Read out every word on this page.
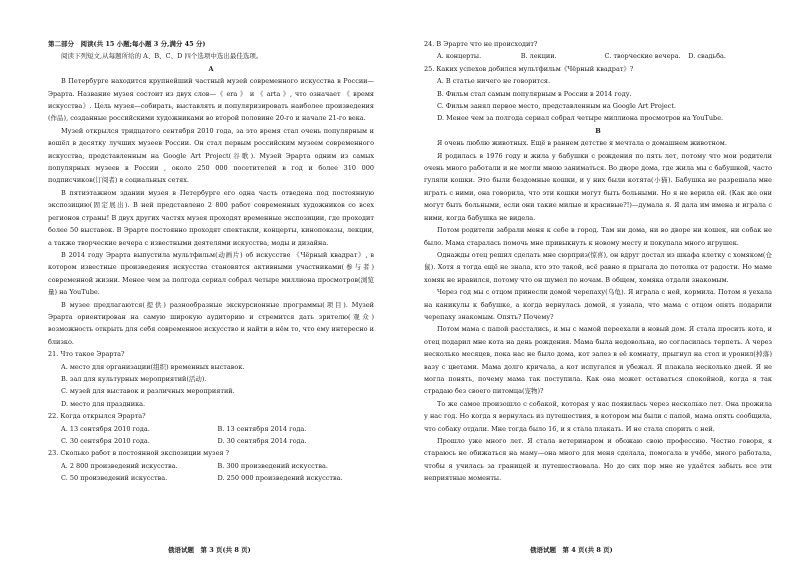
第二部分　阅读(共 15 小题;每小题 3 分,满分 45 分)

阅读下列短文,从每题所给的 A、B、C、D 四个选项中选出最佳选项。

A

В Петербурге находится крупнейший частный музей современного искусства в России—Эрарта. Название музея состоит из двух слов—《 era 》 и 《 arta 》, что означает 《 время искусства》. Цель музея—собирать, выставлять и популяризировать наиболее произведения (作品), созданные российскими художниками во второй половине 20-го и начале 21-го века.

Музей открылся тридцатого сентября 2010 года, за это время стал очень популярным и вошёл в десятку лучших музеев России. Он стал первым российским музеем современного искусства, представленным на Google Art Project(谷歌). Музей Эрарта одним из самых популярных музеев в России , около 250 000 посетителей в год и более 310 000 подписчиков(订阅者) в социальных сетях.

В пятиэтажном здании музея в Петербурге его одна часть отведена под постоянную экспозицию(固定展出). В ней представлено 2 800 работ современных художников со всех регионов страны! В двух других частях музея проходят временные экспозиции, где проходит более 50 выставок. В Эрарте постоянно проходят спектакли, концерты, кинопоказы, лекции, а также творческие вечера с известными деятелями искусства, моды и дизайна.

В 2014 году Эрарта выпустила мультфильм(动画片) об искусстве 《Чёрный квадрат》, в котором известные произведения искусства становятся активными участниками(参与者) современной жизни. Менее чем за полгода сериал собрал четыре миллиона просмотров(浏览量) на YouTube.

В музее предлагаются(提供) разнообразные экскурсионные программы(项目). Музей Эрарта ориентирован на самую широкую аудиторию и стремится дать зрителю(观众) возможность открыть для себя современное искусство и найти в нём то, что ему интересно и близко.

21. Что такое Эрарта?

A. место для организации(组织) временных выставок.

B. зал для культурных мероприятий(活动).

C. музей для выставок и различных мероприятий.

D. место для праздника.

22. Когда открылся Эрарта?

A. 13 сентября 2010 года.	B. 13 сентября 2014 года.
C. 30 сентября 2010 года.	D. 30 сентября 2014 года.

23. Сколько работ в постоянной экспозиции музея ?

A. 2 800 произведений искусства.	B. 300 произведений искусства.
C. 50 произведений искусства.	D. 250 000 произведений искусства.
俄语试题　第 3 页(共 8 页)

24. В Эрарте что не происходит?

A. концерты.	B. лекции.	C. творческие вечера.	D. свадьба.

25. Каких успехов добился мультфильм《Чёрный квадрат》?

A. В статье ничего не говорится.

B. Фильм стал самым популярным в России в 2014 году.

C. Фильм занял первое место, представленным на Google Art Project.

D. Менее чем за полгода сериал собрал четыре миллиона просмотров на YouTube.

B

Я очень люблю животных. Ещё в раннем детстве я мечтала о домашнем животном.

Я родилась в 1976 году и жила у бабушки с рождения по пять лет, потому что мои родители очень много работали и не могли мною заниматься. Во дворе дома, где жила мы с бабушкой, часто гуляли кошки. Это были бездомные кошки, и у них были котята(小猫). Бабушка не разрешала мне играть с ними, она говорила, что эти кошки могут быть больными. Но я не верила ей. (Как же они могут быть больными, если они такие милые и красивые?!)—думала я. Я дала им имена и играла с ними, когда бабушка не видела.

Потом родители забрали меня к себе в город. Там ни дома, ни во дворе ни кошек, ни собак не было. Мама старалась помочь мне привыкнуть к новому месту и покупала много игрушек.

Однажды отец решил сделать мне сюрприз(惊喜), он вдруг достал из шкафа клетку с хомяком(仓鼠). Хотя я тогда ещё не знала, кто это такой, всё равно я прыгала до потолка от радости. Но маме хомяк не нравился, потому что он шумел по ночам. В общем, хомяка отдали знакомым.

Через год мы с отцом принесли домой черепаху(乌龟). Я играла с ней, кормила. Потом я уехала на каникулы к бабушке, а когда вернулась домой, я узнала, что мама с отцом опять подарили черепаху знакомым. Опять? Почему?

Потом мама с папой расстались, и мы с мамой переехали в новый дом. Я стала просить кота, и отец подарил мне кота на день рождения. Мама была недовольна, но согласилась терпеть. А через несколько месяцев, пока нас не было дома, кот залез в её комнату, прыгнул на стол и уронил(掉落) вазу с цветами. Мама долго кричала, а кот испугался и убежал. Я плакала несколько дней. Я не могла понять, почему мама так поступила. Как она может оставаться спокойной, когда я так страдаю без своего питомца(宠物)?

То же самое произошло с собакой, которая у нас появилась через несколько лет. Она прожила у нас год. Но когда я вернулась из путешествия, в котором мы были с папой, мама опять сообщила, что собаку отдали. Мне тогда было 16, и я стала плакать. И не стала спорить с ней.

Прошло уже много лет. Я стала ветеринаром и обожаю свою профессию. Честно говоря, я стараюсь не обижаться на маму—она много для меня сделала, помогала в учёбе, много работала, чтобы я училась за границей и путешествовала. Но до сих пор мне не удаётся забыть все эти неприятные моменты.

俄语试题　第 4 页(共 8 页)
